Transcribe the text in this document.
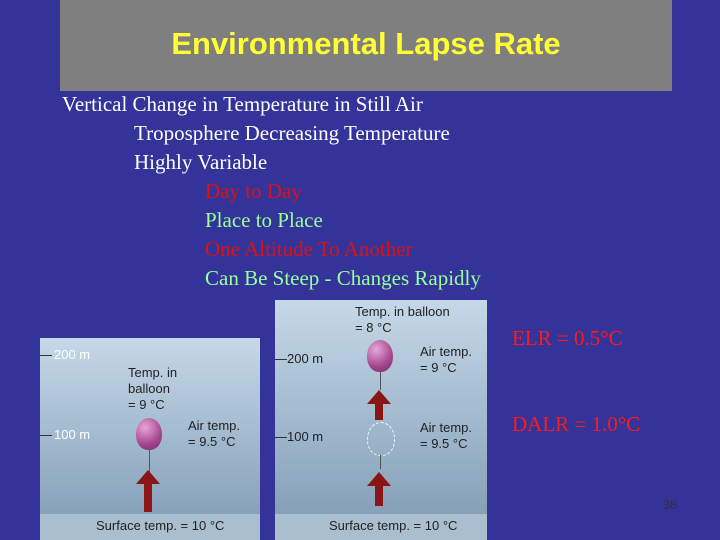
Environmental Lapse Rate
Vertical Change in Temperature in Still Air
Troposphere Decreasing Temperature
Highly Variable
Day to Day
Place to Place
One Altitude To Another
Can Be Steep - Changes Rapidly
200 m
100 m
Temp. in
balloon
= 9 °C
Air temp.
= 9.5 °C
Surface temp. = 10 °C
Temp. in balloon
= 8 °C
200 m
100 m
Air temp.
= 9 °C
Air temp.
= 9.5 °C
Surface temp. = 10 °C
ELR = 0.5°C
DALR = 1.0°C
38
